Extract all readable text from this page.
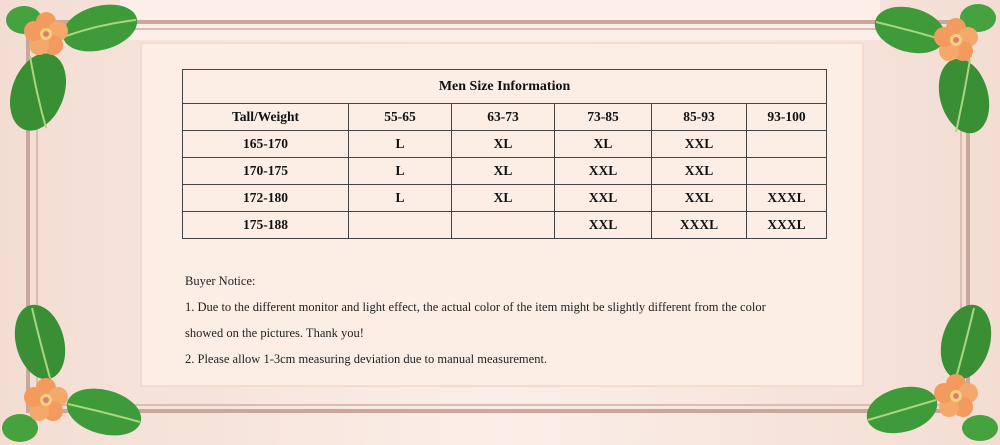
Men Size Information					
Tall/Weight	55-65	63-73	73-85	85-93	93-100
165-170	L	XL	XL	XXL	
170-175	L	XL	XXL	XXL	
172-180	L	XL	XXL	XXL	XXXL
175-188			XXL	XXXL	XXXL
Buyer Notice:
1. Due to the different monitor and light effect, the actual color of the item might be slightly different from the color
showed on the pictures. Thank you!
2. Please allow 1-3cm measuring deviation due to manual measurement.
